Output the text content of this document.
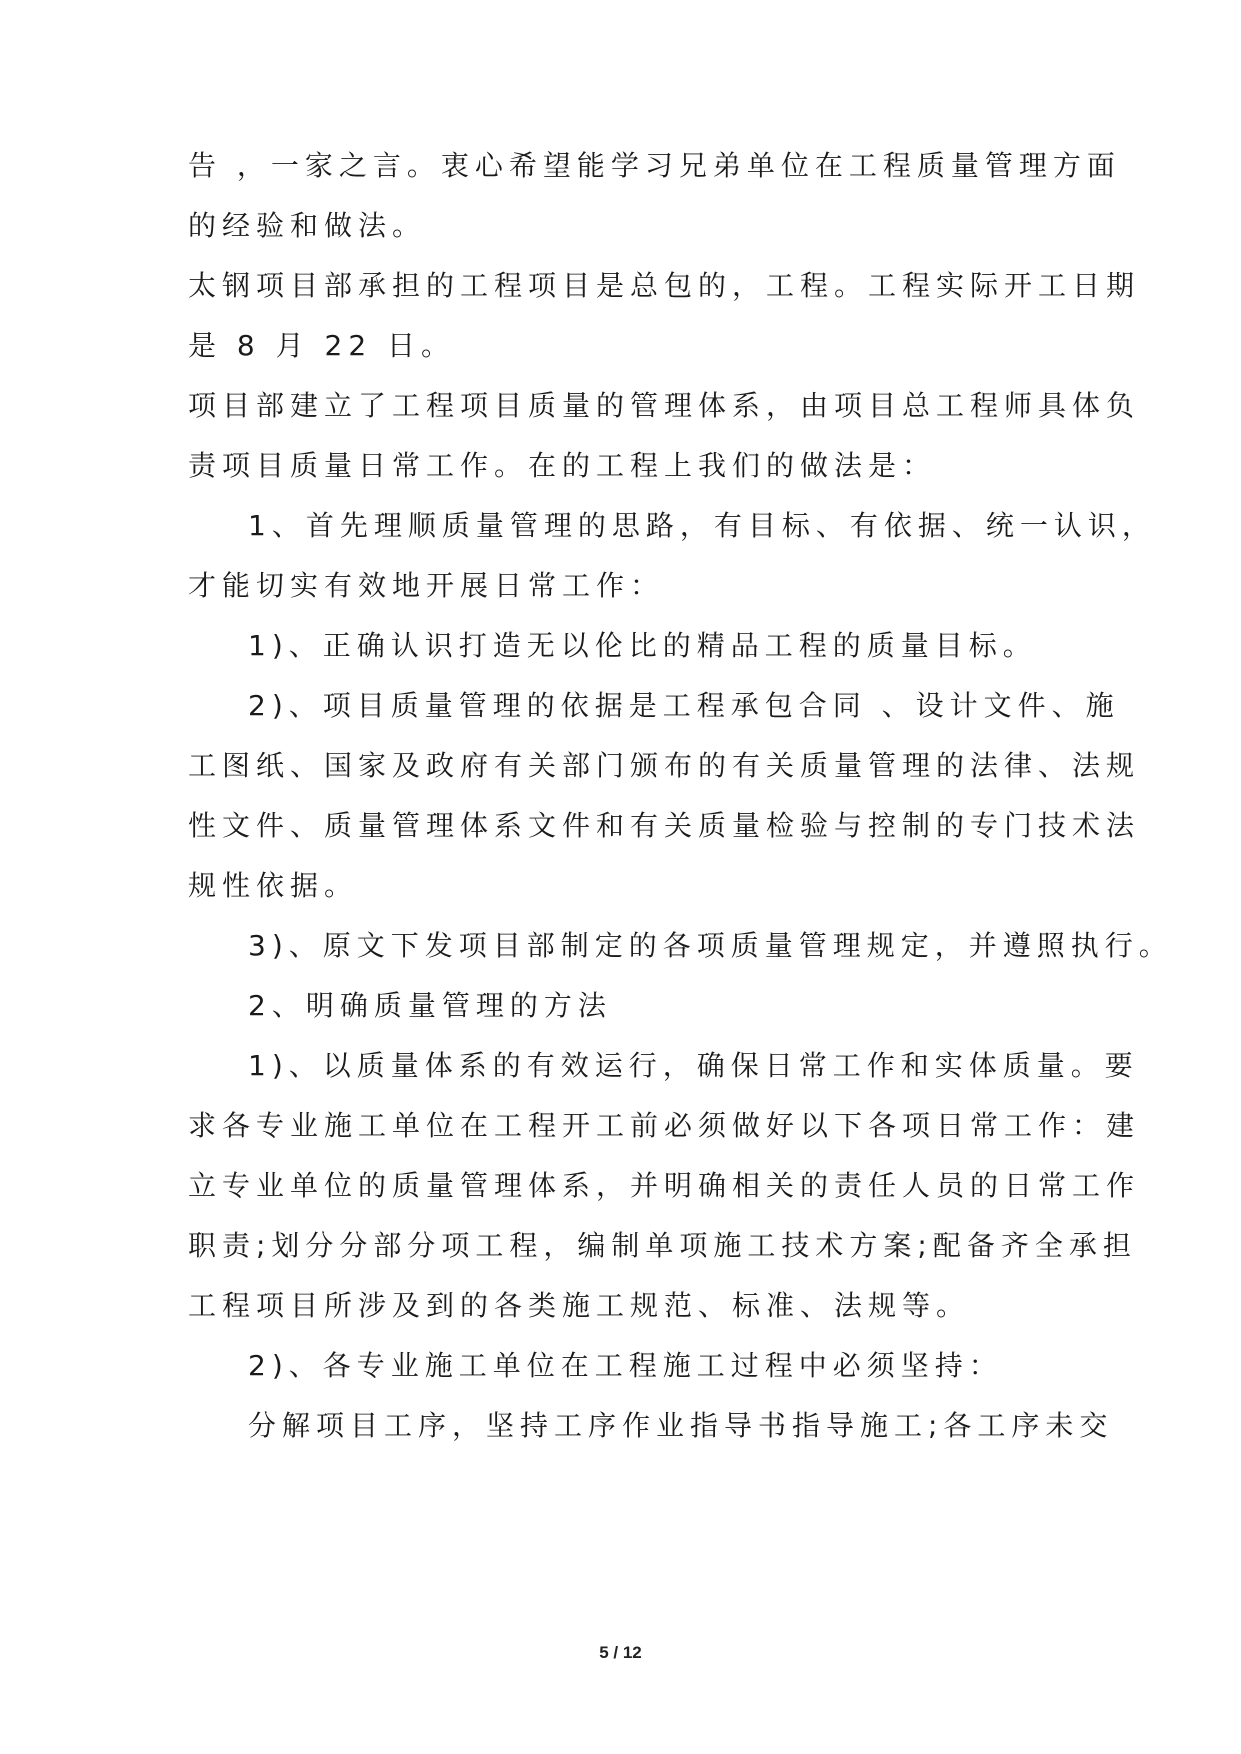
告 ，一家之言。衷心希望能学习兄弟单位在工程质量管理方面

的经验和做法。

太钢项目部承担的工程项目是总包的，工程。工程实际开工日期

是 8 月 22 日。

项目部建立了工程项目质量的管理体系，由项目总工程师具体负

责项目质量日常工作。在的工程上我们的做法是：

1、首先理顺质量管理的思路，有目标、有依据、统一认识，

才能切实有效地开展日常工作：

1)、正确认识打造无以伦比的精品工程的质量目标。

2)、项目质量管理的依据是工程承包合同 、设计文件、施

工图纸、国家及政府有关部门颁布的有关质量管理的法律、法规

性文件、质量管理体系文件和有关质量检验与控制的专门技术法

规性依据。

3)、原文下发项目部制定的各项质量管理规定，并遵照执行。

2、明确质量管理的方法

1)、以质量体系的有效运行，确保日常工作和实体质量。要

求各专业施工单位在工程开工前必须做好以下各项日常工作：建

立专业单位的质量管理体系，并明确相关的责任人员的日常工作

职责;划分分部分项工程，编制单项施工技术方案;配备齐全承担

工程项目所涉及到的各类施工规范、标准、法规等。

2)、各专业施工单位在工程施工过程中必须坚持：

分解项目工序，坚持工序作业指导书指导施工;各工序未交

5 / 12
